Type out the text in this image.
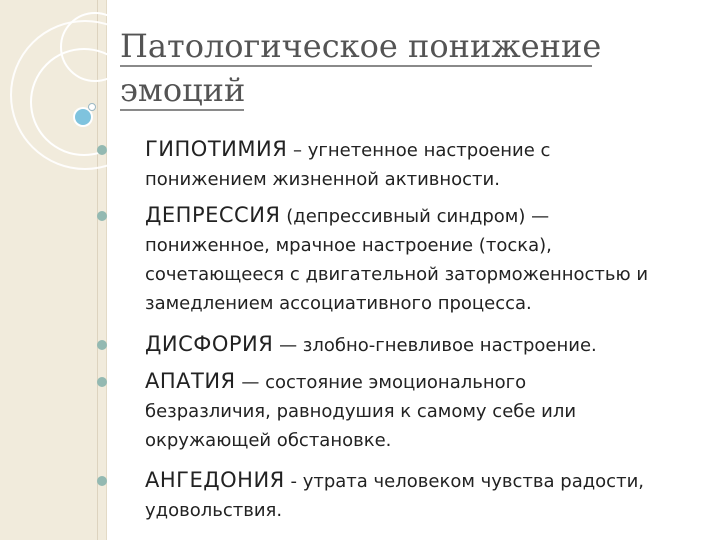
Патологическое понижение
эмоций
ГИПОТИМИЯ – угнетенное настроение с
понижением жизненной активности.
ДЕПРЕССИЯ (депрессивный синдром) —
пониженное, мрачное настроение (тоска),
сочетающееся с двигательной заторможенностью и
замедлением ассоциативного процесса.
ДИСФОРИЯ — злобно-гневливое настроение.
АПАТИЯ — состояние эмоционального
безразличия, равнодушия к самому себе или
окружающей обстановке.
АНГЕДОНИЯ - утрата человеком чувства радости,
удовольствия.
